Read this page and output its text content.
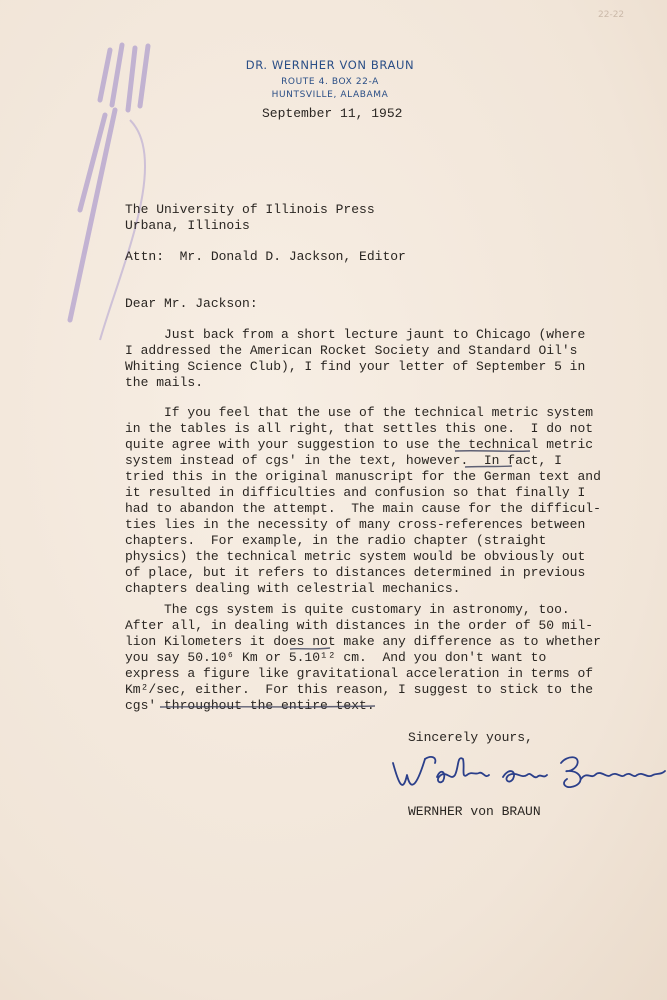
22-22
DR. WERNHER VON BRAUN
ROUTE 4. BOX 22-A
HUNTSVILLE, ALABAMA
September 11, 1952
The University of Illinois Press
Urbana, Illinois
Attn:  Mr. Donald D. Jackson, Editor
Dear Mr. Jackson:
Just back from a short lecture jaunt to Chicago (where
I addressed the American Rocket Society and Standard Oil's
Whiting Science Club), I find your letter of September 5 in
the mails.
If you feel that the use of the technical metric system
in the tables is all right, that settles this one.  I do not
quite agree with your suggestion to use the technical metric
system instead of cgs' in the text, however.  In fact, I
tried this in the original manuscript for the German text and
it resulted in difficulties and confusion so that finally I
had to abandon the attempt.  The main cause for the difficul-
ties lies in the necessity of many cross-references between
chapters.  For example, in the radio chapter (straight
physics) the technical metric system would be obviously out
of place, but it refers to distances determined in previous
chapters dealing with celestrial mechanics.
The cgs system is quite customary in astronomy, too.
After all, in dealing with distances in the order of 50 mil-
lion Kilometers it does not make any difference as to whether
you say 50.10⁶ Km or 5.10¹² cm.  And you don't want to
express a figure like gravitational acceleration in terms of
Km²/sec, either.  For this reason, I suggest to stick to the
cgs' throughout the entire text.
Sincerely yours,
Wernher von Braun
WERNHER von BRAUN
